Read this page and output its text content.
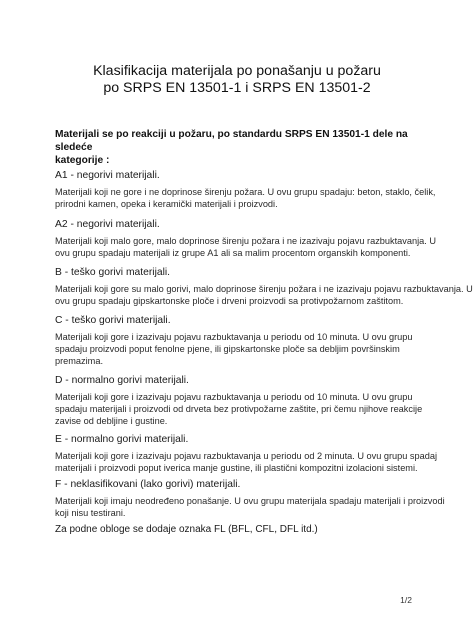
Klasifikacija materijala po ponašanju u požaru
po SRPS EN 13501-1 i SRPS EN 13501-2
Materijali se po reakciji u požaru, po standardu SRPS EN 13501-1 dele na sledeće
kategorije :
A1 - negorivi materijali.
Materijali koji ne gore i ne doprinose širenju požara. U ovu grupu spadaju: beton, staklo, čelik,
prirodni kamen, opeka i keramički materijali i proizvodi.
A2 - negorivi materijali.
Materijali koji malo gore, malo doprinose širenju požara i ne izazivaju pojavu razbuktavanja. U
ovu grupu spadaju materijali iz grupe A1 ali sa malim procentom organskih komponenti.
B - teško gorivi materijali.
Materijali koji gore su malo gorivi, malo doprinose širenju požara i ne izazivaju pojavu razbuktavanja. U
ovu grupu spadaju gipskartonske ploče i drveni proizvodi sa protivpožarnom zaštitom.
C - teško gorivi materijali.
Materijali koji gore i izazivaju pojavu razbuktavanja u periodu od 10 minuta. U ovu grupu
spadaju proizvodi poput fenolne pjene, ili gipskartonske ploče sa debljim površinskim
premazima.
D - normalno gorivi materijali.
Materijali koji gore i izazivaju pojavu razbuktavanja u periodu od 10 minuta. U ovu grupu
spadaju materijali i proizvodi od drveta bez protivpožarne zaštite, pri čemu njihove reakcije
zavise od debljine i gustine.
E - normalno gorivi materijali.
Materijali koji gore i izazivaju pojavu razbuktavanja u periodu od 2 minuta. U ovu grupu spadaj
materijali i proizvodi poput iverica manje gustine, ili plastični kompozitni izolacioni sistemi.
F - neklasifikovani (lako gorivi) materijali.
Materijali koji imaju neodređeno ponašanje. U ovu grupu materijala spadaju materijali i proizvodi
koji nisu testirani.
Za podne obloge se dodaje oznaka FL (BFL, CFL, DFL itd.)
1/2
